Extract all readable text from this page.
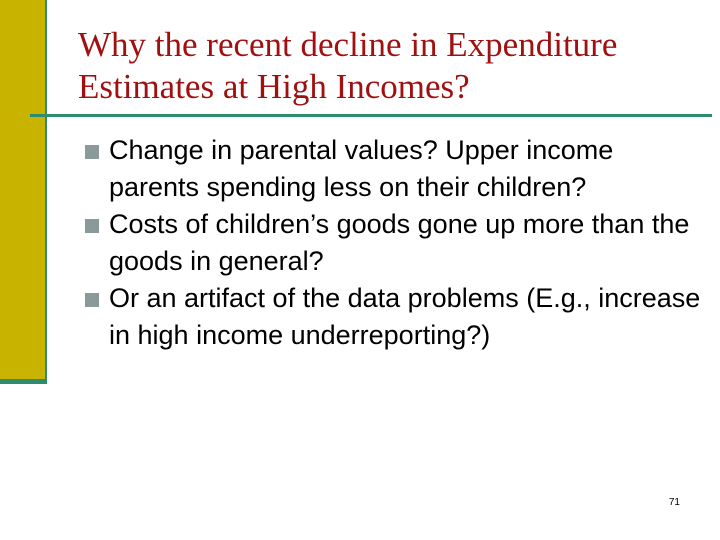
Why the recent decline in Expenditure Estimates at High Incomes?
Change in parental values? Upper income parents spending less on their children?
Costs of children’s goods gone up more than the goods in general?
Or an artifact of the data problems (E.g., increase in high income underreporting?)
71
